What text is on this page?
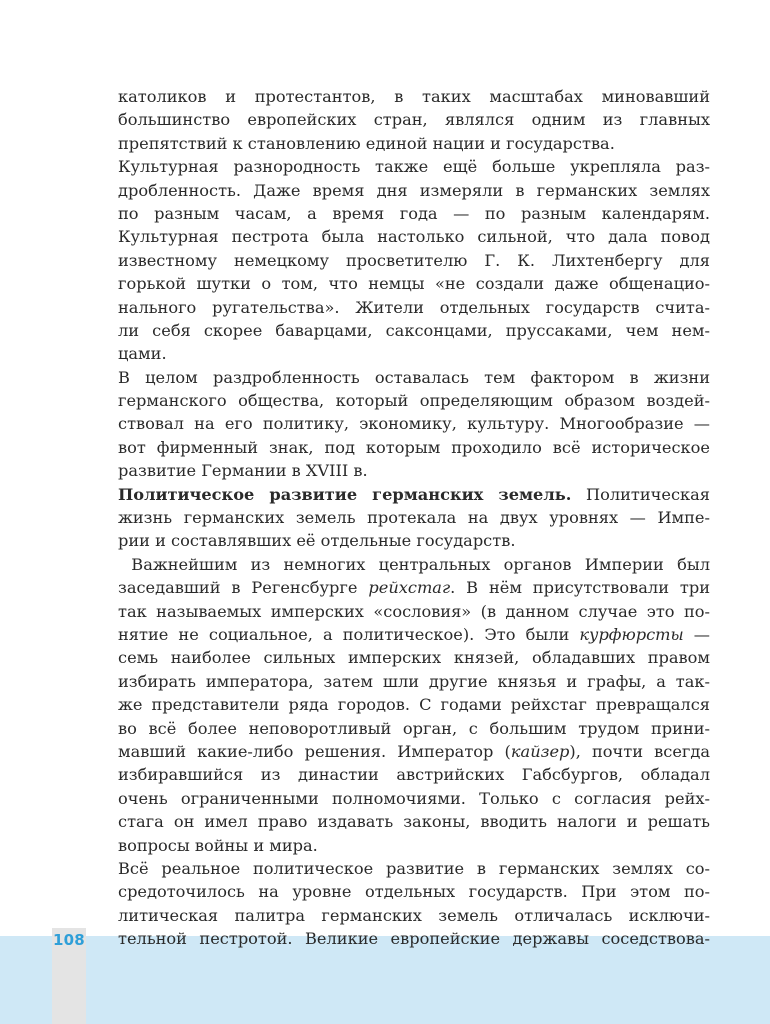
108
католиков и протестантов, в таких масштабах миновавший
большинство европейских стран, являлся одним из главных
препятствий к становлению единой нации и государства.
Культурная разнородность также ещё больше укрепляла раз-
дробленность. Даже время дня измеряли в германских землях
по разным часам, а время года — по разным календарям.
Культурная пестрота была настолько сильной, что дала повод
известному немецкому просветителю Г. К. Лихтенбергу для
горькой шутки о том, что немцы «не создали даже общенацио-
нального ругательства». Жители отдельных государств счита-
ли себя скорее баварцами, саксонцами, пруссаками, чем нем-
цами.
В целом раздробленность оставалась тем фактором в жизни
германского общества, который определяющим образом воздей-
ствовал на его политику, экономику, культуру. Многообразие —
вот фирменный знак, под которым проходило всё историческое
развитие Германии в XVIII в.
Политическое развитие германских земель. Политическая
жизнь германских земель протекала на двух уровнях — Импе-
рии и составлявших её отдельные государств.
Важнейшим из немногих центральных органов Империи был
заседавший в Регенсбурге рейхстаг. В нём присутствовали три
так называемых имперских «сословия» (в данном случае это по-
нятие не социальное, а политическое). Это были курфюрсты —
семь наиболее сильных имперских князей, обладавших правом
избирать императора, затем шли другие князья и графы, а так-
же представители ряда городов. С годами рейхстаг превращался
во всё более неповоротливый орган, с большим трудом прини-
мавший какие-либо решения. Император (кайзер), почти всегда
избиравшийся из династии австрийских Габсбургов, обладал
очень ограниченными полномочиями. Только с согласия рейх-
стага он имел право издавать законы, вводить налоги и решать
вопросы войны и мира.
Всё реальное политическое развитие в германских землях со-
средоточилось на уровне отдельных государств. При этом по-
литическая палитра германских земель отличалась исключи-
тельной пестротой. Великие европейские державы соседствова-
